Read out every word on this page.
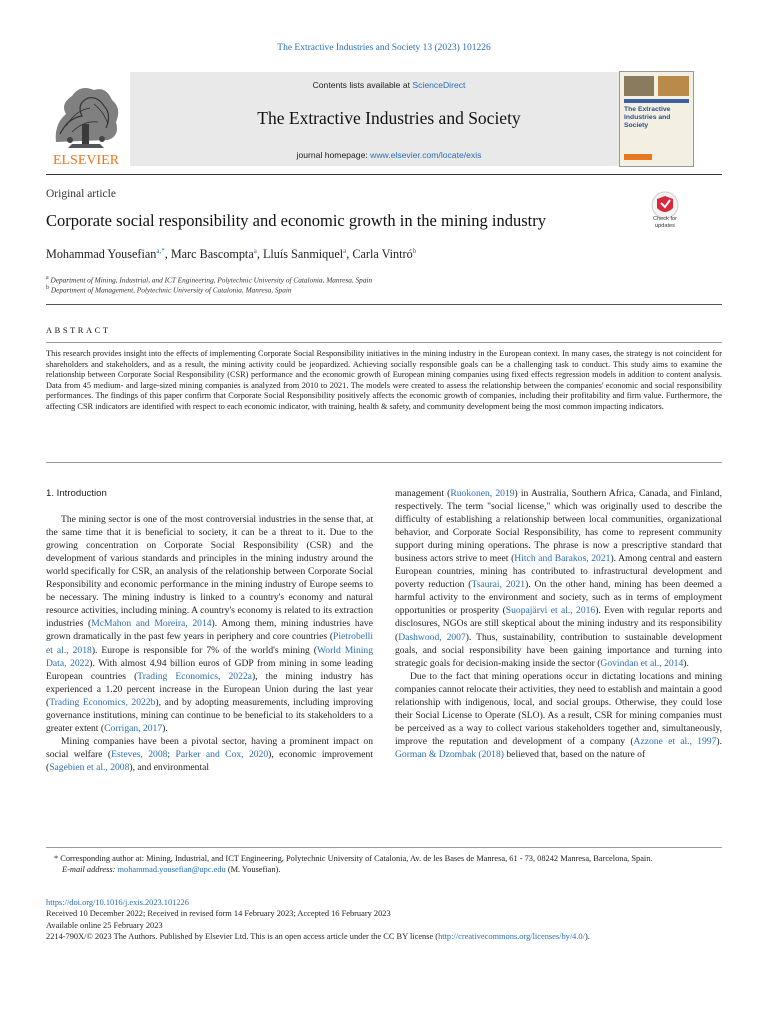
The Extractive Industries and Society 13 (2023) 101226
ELSEVIER
Contents lists available at ScienceDirect
The Extractive Industries and Society
journal homepage: www.elsevier.com/locate/exis
The Extractive Industries and Society
Original article
Corporate social responsibility and economic growth in the mining industry	Check for updates
Mohammad Yousefian$^{a,*}$, Marc Bascompta$^a$, Lluís Sanmiquel$^a$, Carla Vintró$^b$
$^a$ Department of Mining, Industrial, and ICT Engineering, Polytechnic University of Catalonia, Manresa, Spain
$^b$ Department of Management, Polytechnic University of Catalonia, Manresa, Spain
ABSTRACT
This research provides insight into the effects of implementing Corporate Social Responsibility initiatives in the mining industry in the European context. In many cases, the strategy is not coincident for shareholders and stakeholders, and as a result, the mining activity could be jeopardized. Achieving socially responsible goals can be a challenging task to conduct. This study aims to examine the relationship between Corporate Social Responsibility (CSR) performance and the economic growth of European mining companies using fixed effects regression models in addition to content analysis. Data from 45 medium- and large-sized mining companies is analyzed from 2010 to 2021. The models were created to assess the relationship between the companies' economic and social responsibility performances. The findings of this paper confirm that Corporate Social Responsibility positively affects the economic growth of companies, including their profitability and firm value. Furthermore, the affecting CSR indicators are identified with respect to each economic indicator, with training, health & safety, and community development being the most common impacting indicators.

1. Introduction

The mining sector is one of the most controversial industries in the sense that, at the same time that it is beneficial to society, it can be a threat to it. Due to the growing concentration on Corporate Social Responsibility (CSR) and the development of various standards and principles in the mining industry around the world specifically for CSR, an analysis of the relationship between Corporate Social Responsibility and economic performance in the mining industry of Europe seems to be necessary. The mining industry is linked to a country's economy and natural resource activities, including mining. A country's economy is related to its extraction industries (McMahon and Moreira, 2014). Among them, mining industries have grown dramatically in the past few years in periphery and core countries (Pietrobelli et al., 2018). Europe is responsible for 7% of the world's mining (World Mining Data, 2022). With almost 4.94 billion euros of GDP from mining in some leading European countries (Trading Economics, 2022a), the mining industry has experienced a 1.20 percent increase in the European Union during the last year (Trading Economics, 2022b), and by adopting measurements, including improving governance institutions, mining can continue to be beneficial to its stakeholders to a greater extent (Corrigan, 2017).

Mining companies have been a pivotal sector, having a prominent impact on social welfare (Esteves, 2008; Parker and Cox, 2020), economic improvement (Sagebien et al., 2008), and environmental

management (Ruokonen, 2019) in Australia, Southern Africa, Canada, and Finland, respectively. The term "social license," which was originally used to describe the difficulty of establishing a relationship between local communities, organizational behavior, and Corporate Social Responsibility, has come to represent community support during mining operations. The phrase is now a prescriptive standard that business actors strive to meet (Hitch and Barakos, 2021). Among central and eastern European countries, mining has contributed to infrastructural development and poverty reduction (Tsaurai, 2021). On the other hand, mining has been deemed a harmful activity to the environment and society, such as in terms of employment opportunities or prosperity (Suopajärvi et al., 2016). Even with regular reports and disclosures, NGOs are still skeptical about the mining industry and its responsibility (Dashwood, 2007). Thus, sustainability, contribution to sustainable development goals, and social responsibility have been gaining importance and turning into strategic goals for decision-making inside the sector (Govindan et al., 2014).

Due to the fact that mining operations occur in dictating locations and mining companies cannot relocate their activities, they need to establish and maintain a good relationship with indigenous, local, and social groups. Otherwise, they could lose their Social License to Operate (SLO). As a result, CSR for mining companies must be perceived as a way to collect various stakeholders together and, simultaneously, improve the reputation and development of a company (Azzone et al., 1997). Gorman & Dzombak (2018) believed that, based on the nature of

* Corresponding author at: Mining, Industrial, and ICT Engineering, Polytechnic University of Catalonia, Av. de les Bases de Manresa, 61 - 73, 08242 Manresa, Barcelona, Spain.
E-mail address: mohammad.yousefian@upc.edu (M. Yousefian).
https://doi.org/10.1016/j.exis.2023.101226
Received 10 December 2022; Received in revised form 14 February 2023; Accepted 16 February 2023
Available online 25 February 2023
2214-790X/© 2023 The Authors. Published by Elsevier Ltd. This is an open access article under the CC BY license (http://creativecommons.org/licenses/by/4.0/).
